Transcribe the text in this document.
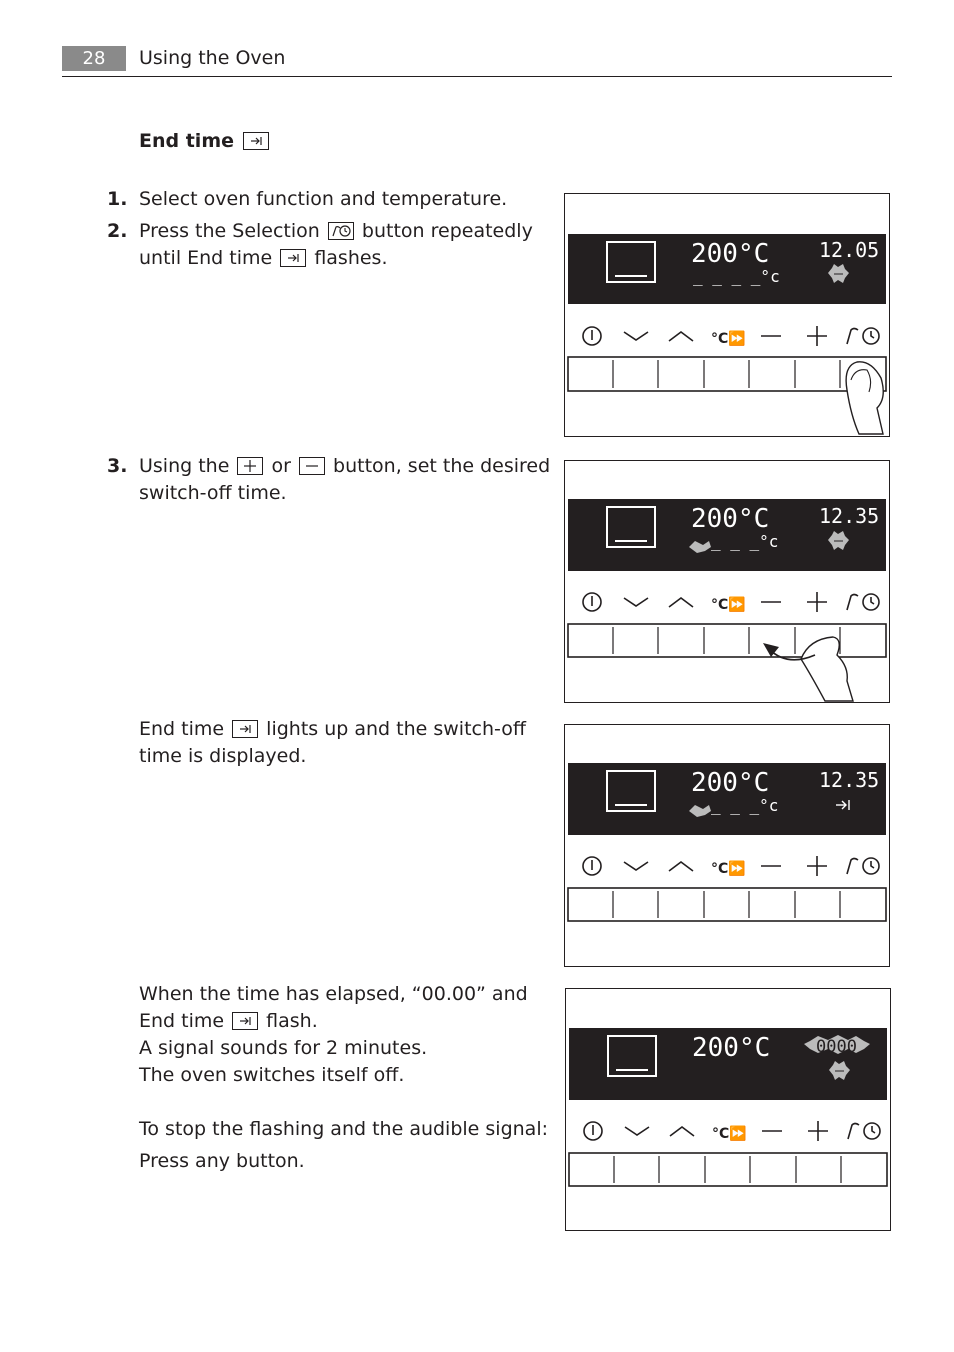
28	Using the Oven
End time
1. Select oven function and temperature.
2. Press the Selection button repeatedly
until End time flashes.
3. Using the or button, set the desired
switch-off time.
End time lights up and the switch-off
time is displayed.
When the time has elapsed, “00.00” and
End time flash.
A signal sounds for 2 minutes.
The oven switches itself off.
To stop the flashing and the audible signal:
Press any button.
200°C
_ _ _ _°c
12.05
°C⏩
200°C
_ _ _°c
12.35
°C⏩
200°C
_ _ _°c
12.35
°C⏩
200°C	0000
°C⏩
